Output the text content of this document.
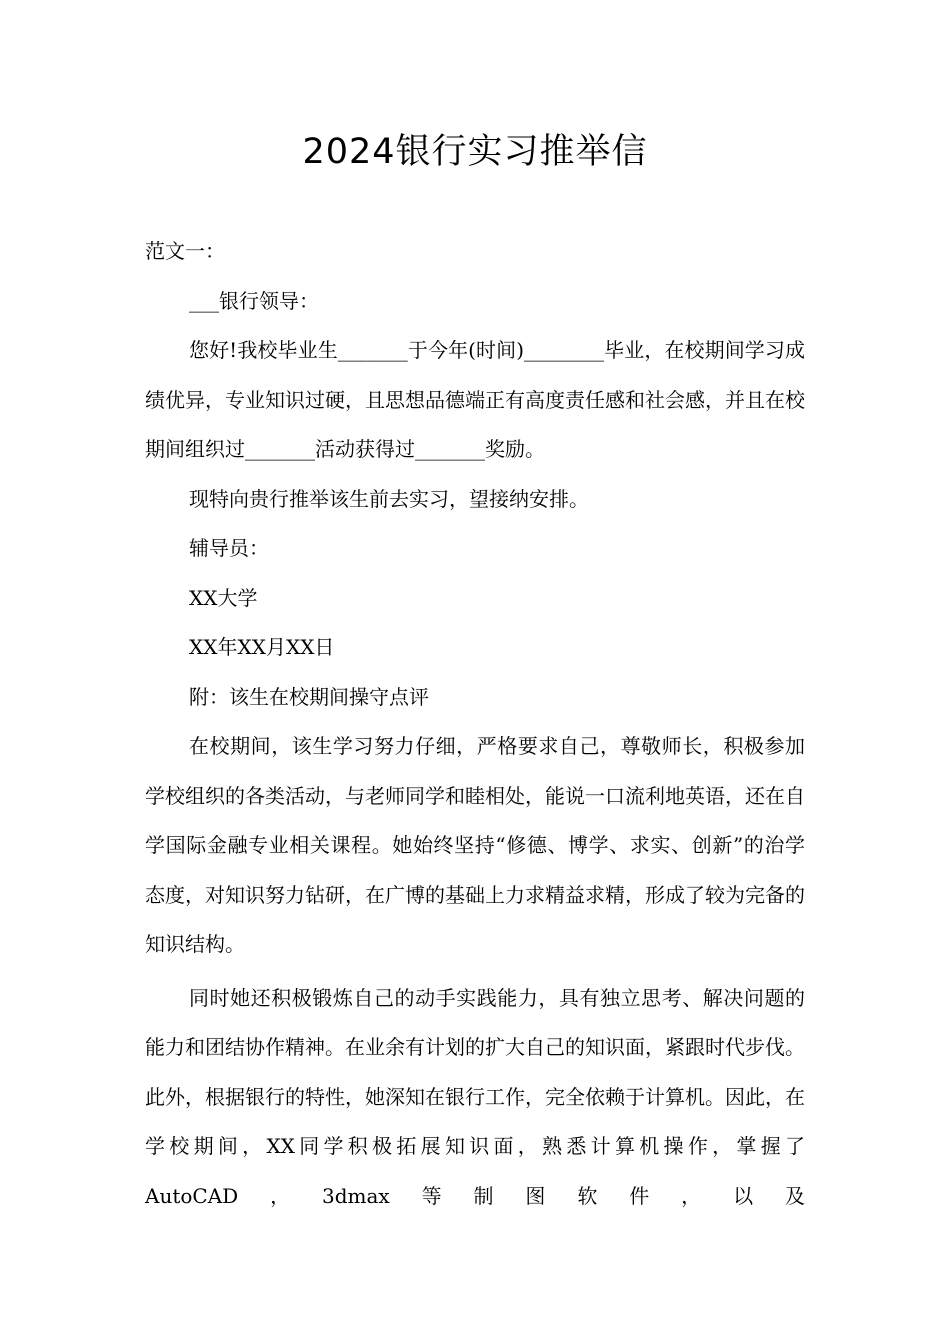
2024银行实习推举信

范文一：

___银行领导：

您好!我校毕业生_______于今年(时间)________毕业，在校期间学习成绩优异，专业知识过硬，且思想品德端正有高度责任感和社会感，并且在校期间组织过_______活动获得过_______奖励。

现特向贵行推举该生前去实习，望接纳安排。

辅导员：

XX大学

XX年XX月XX日

附：该生在校期间操守点评

在校期间，该生学习努力仔细，严格要求自己，尊敬师长，积极参加学校组织的各类活动，与老师同学和睦相处，能说一口流利地英语，还在自学国际金融专业相关课程。她始终坚持“修德、博学、求实、创新”的治学态度，对知识努力钻研，在广博的基础上力求精益求精，形成了较为完备的知识结构。

同时她还积极锻炼自己的动手实践能力，具有独立思考、解决问题的能力和团结协作精神。在业余有计划的扩大自己的知识面，紧跟时代步伐。此外，根据银行的特性，她深知在银行工作，完全依赖于计算机。因此，在学校期间，XX同学积极拓展知识面，熟悉计算机操作，掌握了AutoCAD，3dmax等制图软件，以及
